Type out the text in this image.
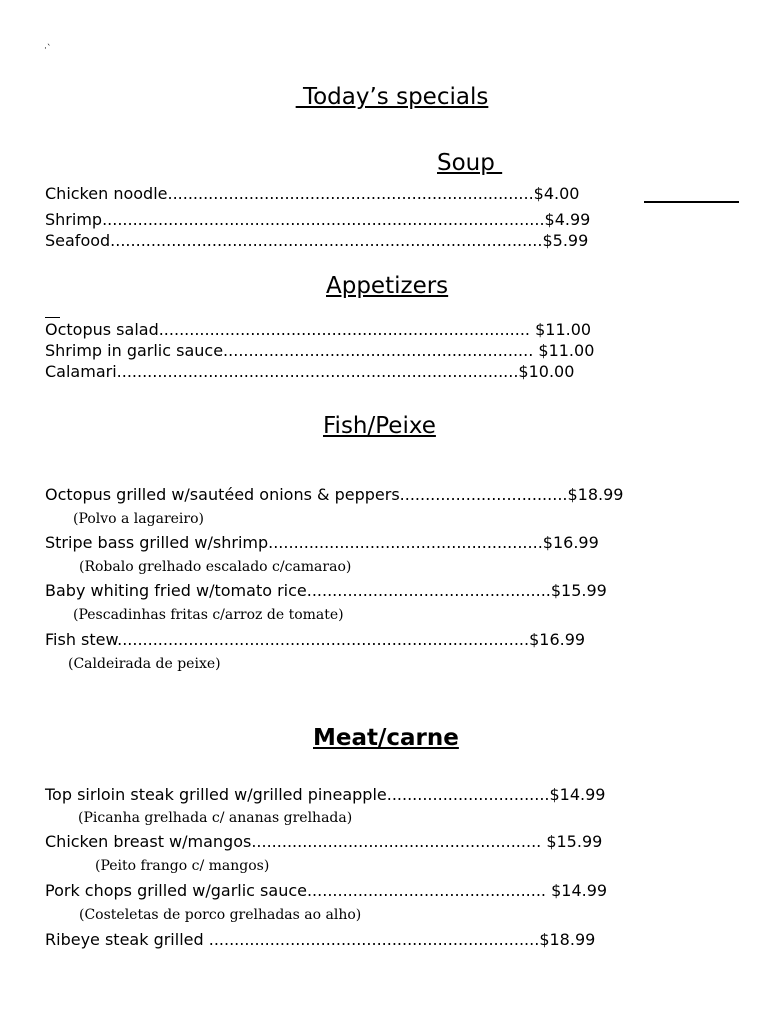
·`
Today’s specials
Soup
Chicken noodle........................................................................$4.00
Shrimp.......................................................................................$4.99
Seafood.....................................................................................$5.99
Appetizers
Octopus salad......................................................................... $11.00
Shrimp in garlic sauce............................................................. $11.00
Calamari...............................................................................$10.00
Fish/Peixe
Octopus grilled w/sautéed onions & peppers.................................$18.99
(Polvo a lagareiro)
Stripe bass grilled w/shrimp......................................................$16.99
(Robalo grelhado escalado c/camarao)
Baby whiting fried w/tomato rice................................................$15.99
(Pescadinhas fritas c/arroz de tomate)
Fish stew.................................................................................$16.99
(Caldeirada de peixe)
Meat/carne
Top sirloin steak grilled w/grilled pineapple................................$14.99
(Picanha grelhada c/ ananas grelhada)
Chicken breast w/mangos......................................................... $15.99
(Peito frango c/ mangos)
Pork chops grilled w/garlic sauce............................................... $14.99
(Costeletas de porco grelhadas ao alho)
Ribeye steak grilled .................................................................$18.99
